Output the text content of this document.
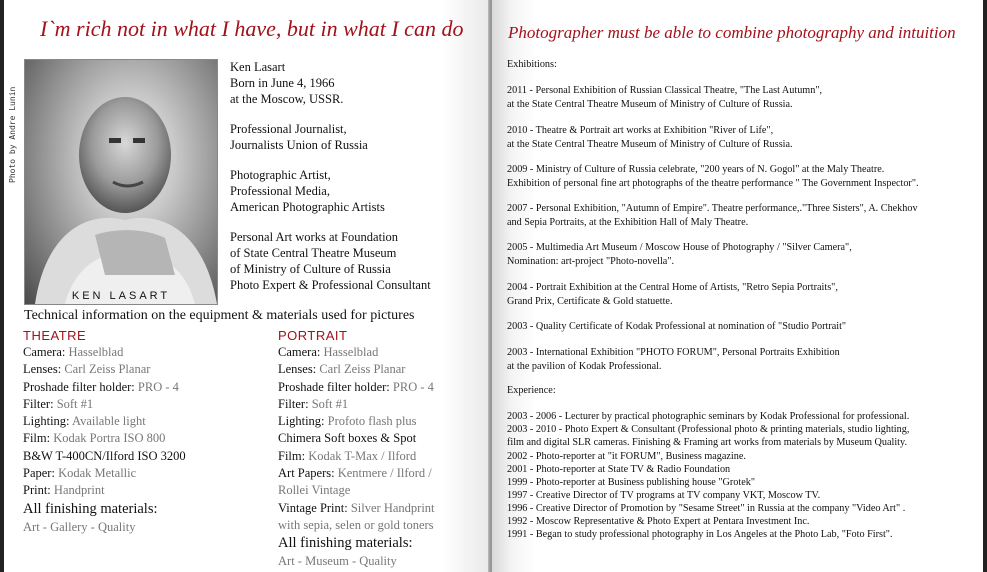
I`m rich not in what I have, but in what I can do
KEN LASART
Photo by Andre Lunin
Ken Lasart
Born in June 4, 1966
at the Moscow, USSR.
Professional Journalist,
Journalists Union of Russia
Photographic Artist,
Professional Media,
American Photographic Artists
Personal Art works at Foundation
of State Central Theatre Museum
of Ministry of Culture of Russia
Photo Expert & Professional Consultant
Technical information on the equipment & materials used for pictures
THEATRE
Camera: Hasselblad
Lenses: Carl Zeiss Planar
Proshade filter holder: PRO - 4
Filter: Soft #1
Lighting: Available light
Film: Kodak Portra ISO 800
B&W T-400CN/Ilford ISO 3200
Paper: Kodak Metallic
Print: Handprint
All finishing materials:
Art - Gallery - Quality
PORTRAIT
Camera: Hasselblad
Lenses: Carl Zeiss Planar
Proshade filter holder: PRO - 4
Filter: Soft #1
Lighting: Profoto flash plus
Chimera Soft boxes & Spot
Film: Kodak T-Max / Ilford
Art Papers: Kentmere / Ilford /
Rollei Vintage
Vintage Print: Silver Handprint
with sepia, selen or gold toners
All finishing materials:
Art - Museum - Quality
Photographer must be able to combine photography and intuition
Exhibitions:
2011 - Personal Exhibition of Russian Classical Theatre, "The Last Autumn",
at the State Central Theatre Museum of Ministry of Culture of Russia.
2010 - Theatre & Portrait art works at Exhibition "River of Life",
at the State Central Theatre Museum of Ministry of Culture of Russia.
2009 - Ministry of Culture of Russia celebrate, "200 years of N. Gogol" at the Maly Theatre.
Exhibition of personal fine art photographs of the theatre performance " The Government Inspector".
2007 - Personal Exhibition, "Autumn of Empire". Theatre performance,."Three Sisters", A. Chekhov
and Sepia Portraits, at the Exhibition Hall of Maly Theatre.
2005 - Multimedia Art Museum / Moscow House of Photography / "Silver Camera",
Nomination: art-project "Photo-novella".
2004 - Portrait Exhibition at the Central Home of Artists, "Retro Sepia Portraits",
Grand Prix, Certificate & Gold statuette.
2003 - Quality Certificate of Kodak Professional at nomination of "Studio Portrait"
2003 - International Exhibition "PHOTO FORUM", Personal Portraits Exhibition
at the pavilion of Kodak Professional.
Experience:
2003 - 2006 - Lecturer by practical photographic seminars by Kodak Professional for professional.
2003 - 2010 - Photo Expert & Consultant (Professional photo & printing materials, studio lighting,
film and digital SLR cameras. Finishing & Framing art works from materials by Museum Quality.
2002 - Photo-reporter at "it FORUM", Business magazine.
2001 - Photo-reporter at State TV & Radio Foundation
1999 - Photo-reporter at Business publishing house "Grotek"
1997 - Creative Director of TV programs at TV company VKT, Moscow TV.
1996 - Creative Director of Promotion by "Sesame Street" in Russia at the company "Video Art" .
1992 - Moscow Representative & Photo Expert at Pentara Investment Inc.
1991 - Began to study professional photography in Los Angeles at the Photo Lab, "Foto First".
